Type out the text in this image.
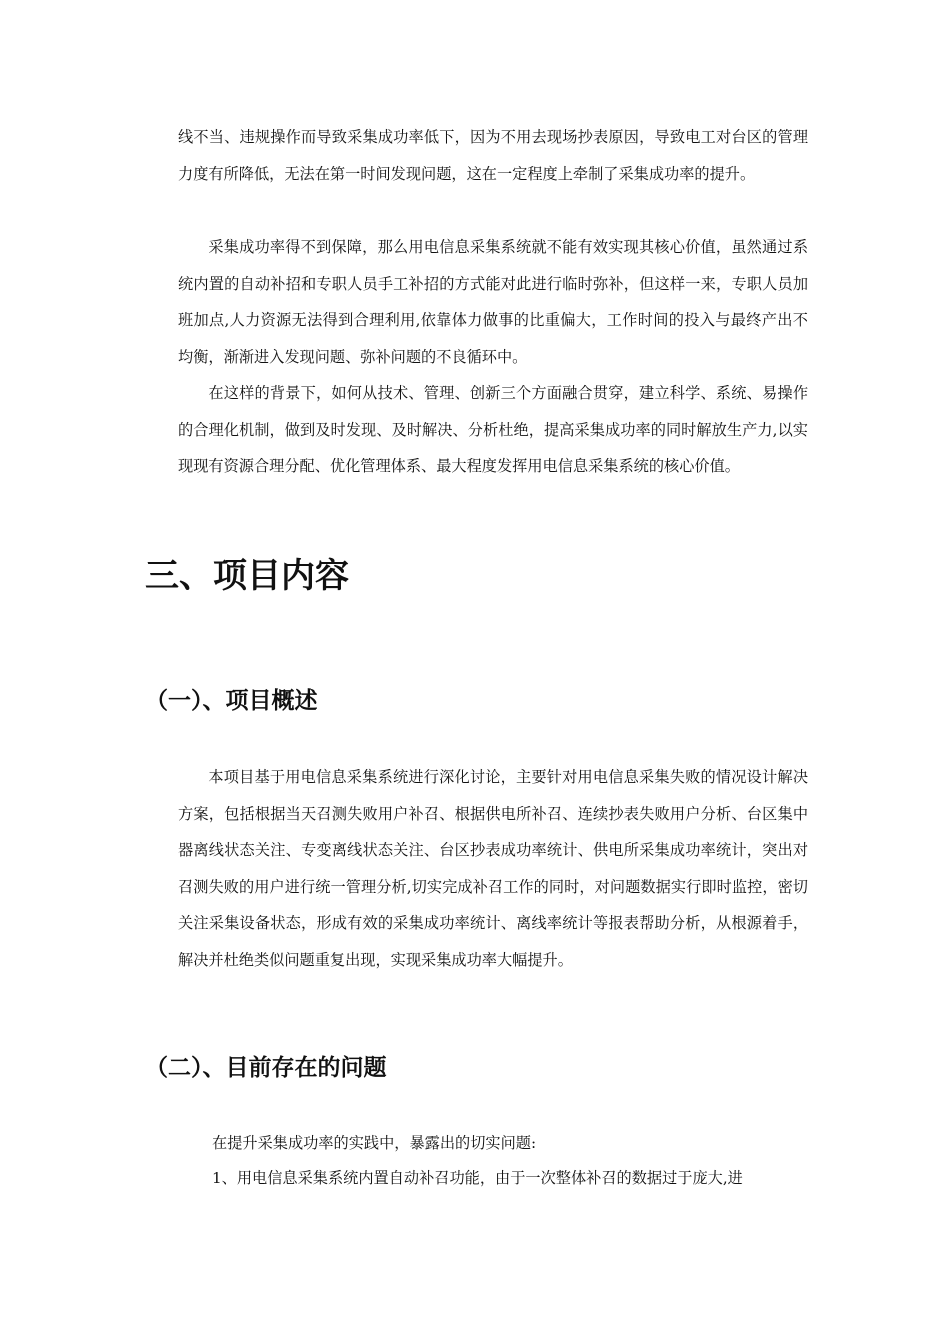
线不当、违规操作而导致采集成功率低下，因为不用去现场抄表原因，导致电工对台区的管理力度有所降低，无法在第一时间发现问题，这在一定程度上牵制了采集成功率的提升。

采集成功率得不到保障，那么用电信息采集系统就不能有效实现其核心价值，虽然通过系统内置的自动补招和专职人员手工补招的方式能对此进行临时弥补，但这样一来，专职人员加班加点,人力资源无法得到合理利用,依靠体力做事的比重偏大，工作时间的投入与最终产出不均衡，渐渐进入发现问题、弥补问题的不良循环中。

在这样的背景下，如何从技术、管理、创新三个方面融合贯穿，建立科学、系统、易操作的合理化机制，做到及时发现、及时解决、分析杜绝，提高采集成功率的同时解放生产力,以实现现有资源合理分配、优化管理体系、最大程度发挥用电信息采集系统的核心价值。

三、项目内容
（一）、项目概述

本项目基于用电信息采集系统进行深化讨论，主要针对用电信息采集失败的情况设计解决方案，包括根据当天召测失败用户补召、根据供电所补召、连续抄表失败用户分析、台区集中器离线状态关注、专变离线状态关注、台区抄表成功率统计、供电所采集成功率统计，突出对召测失败的用户进行统一管理分析,切实完成补召工作的同时，对问题数据实行即时监控，密切关注采集设备状态，形成有效的采集成功率统计、离线率统计等报表帮助分析，从根源着手，解决并杜绝类似问题重复出现，实现采集成功率大幅提升。

（二）、目前存在的问题

在提升采集成功率的实践中，暴露出的切实问题:

1、用电信息采集系统内置自动补召功能，由于一次整体补召的数据过于庞大,进
